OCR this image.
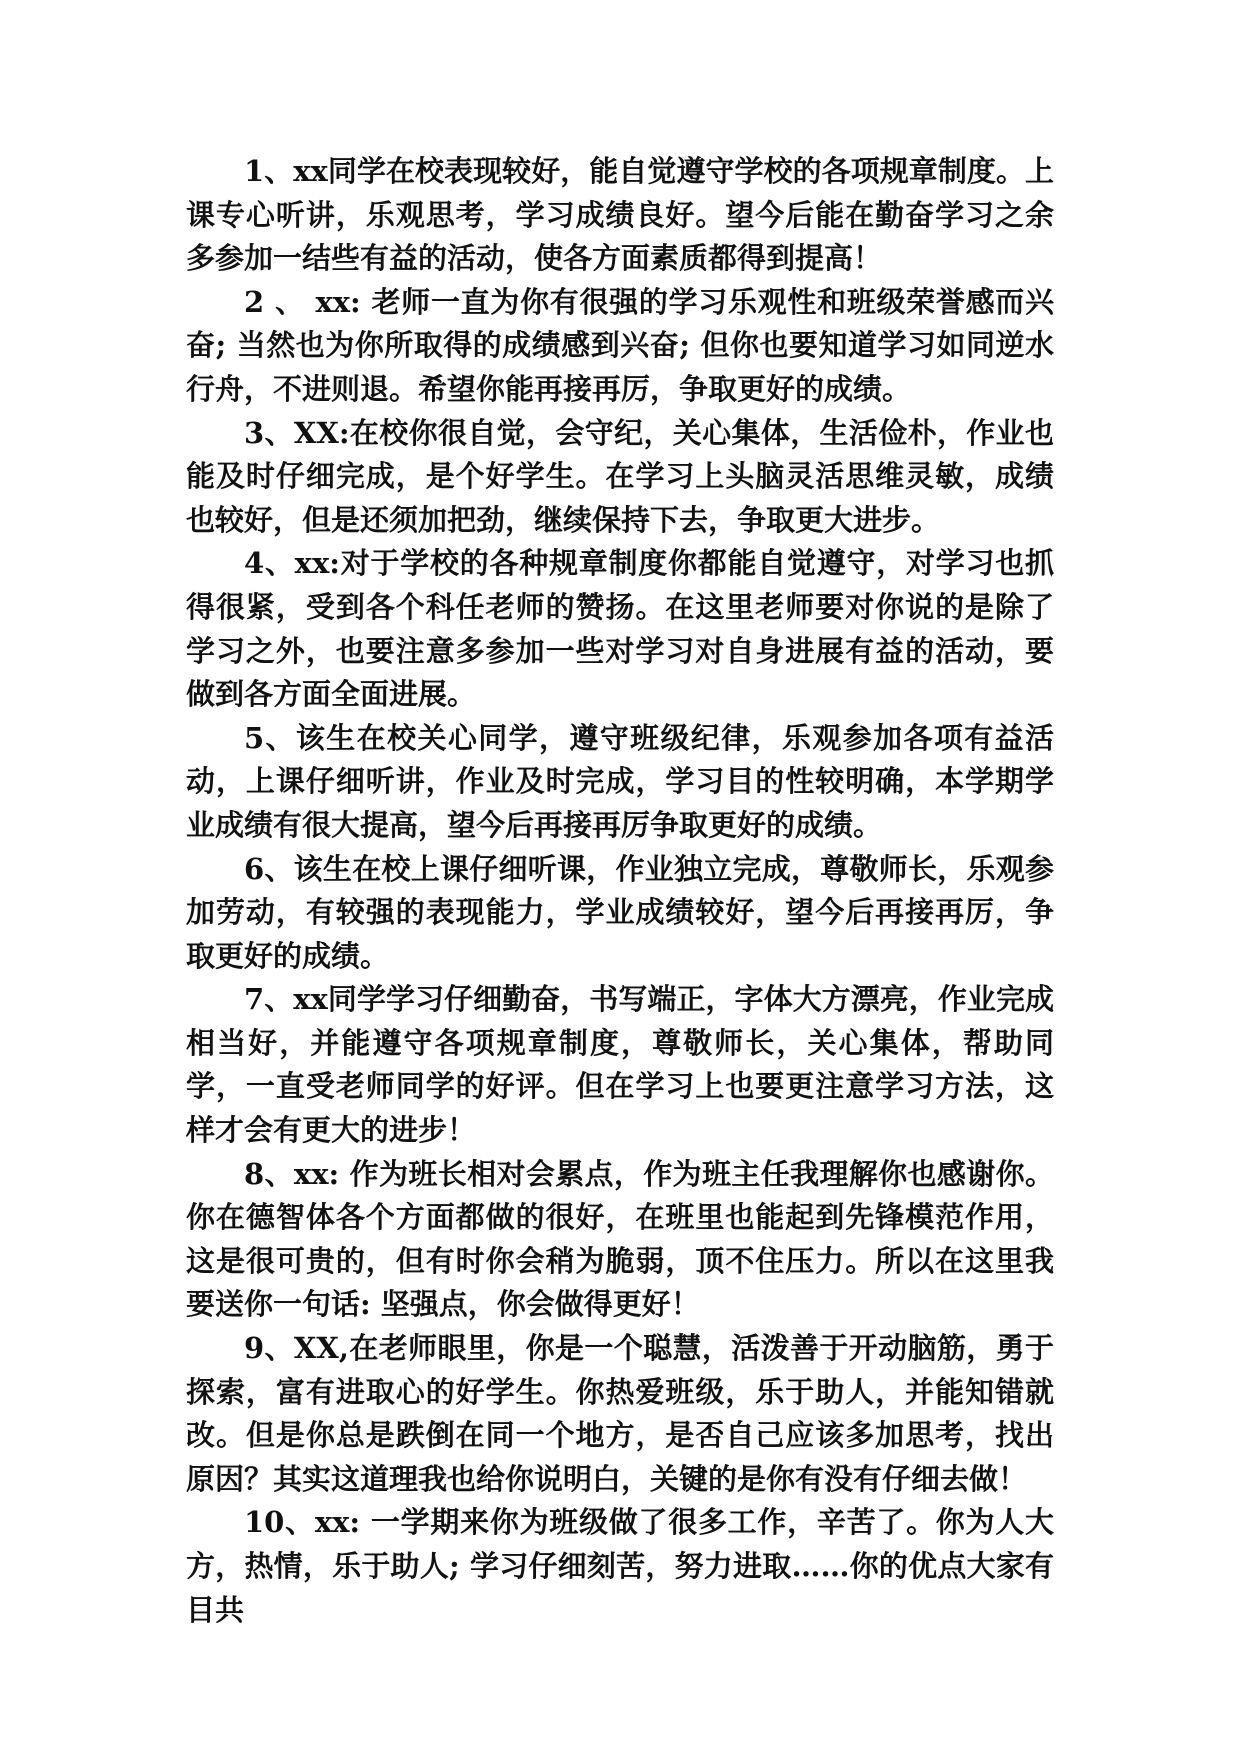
1、xx同学在校表现较好，能自觉遵守学校的各项规章制度。上课专心听讲，乐观思考，学习成绩良好。望今后能在勤奋学习之余多参加一结些有益的活动，使各方面素质都得到提高！

2 、 xx: 老师一直为你有很强的学习乐观性和班级荣誉感而兴奋; 当然也为你所取得的成绩感到兴奋; 但你也要知道学习如同逆水行舟，不进则退。希望你能再接再厉，争取更好的成绩。

3、XX:在校你很自觉，会守纪，关心集体，生活俭朴，作业也能及时仔细完成，是个好学生。在学习上头脑灵活思维灵敏，成绩也较好，但是还须加把劲，继续保持下去，争取更大进步。

4、xx:对于学校的各种规章制度你都能自觉遵守，对学习也抓得很紧，受到各个科任老师的赞扬。在这里老师要对你说的是除了学习之外，也要注意多参加一些对学习对自身进展有益的活动，要做到各方面全面进展。

5、该生在校关心同学，遵守班级纪律，乐观参加各项有益活动，上课仔细听讲，作业及时完成，学习目的性较明确，本学期学业成绩有很大提高，望今后再接再厉争取更好的成绩。

6、该生在校上课仔细听课，作业独立完成，尊敬师长，乐观参加劳动，有较强的表现能力，学业成绩较好，望今后再接再厉，争取更好的成绩。

7、xx同学学习仔细勤奋，书写端正，字体大方漂亮，作业完成相当好，并能遵守各项规章制度，尊敬师长，关心集体，帮助同学，一直受老师同学的好评。但在学习上也要更注意学习方法，这样才会有更大的进步！

8、xx: 作为班长相对会累点，作为班主任我理解你也感谢你。你在德智体各个方面都做的很好，在班里也能起到先锋模范作用，这是很可贵的，但有时你会稍为脆弱，顶不住压力。所以在这里我要送你一句话: 坚强点，你会做得更好！

9、XX,在老师眼里，你是一个聪慧，活泼善于开动脑筋，勇于探索，富有进取心的好学生。你热爱班级，乐于助人，并能知错就改。但是你总是跌倒在同一个地方，是否自己应该多加思考，找出原因？其实这道理我也给你说明白，关键的是你有没有仔细去做！

10、xx: 一学期来你为班级做了很多工作，辛苦了。你为人大方，热情，乐于助人; 学习仔细刻苦，努力进取……你的优点大家有目共
